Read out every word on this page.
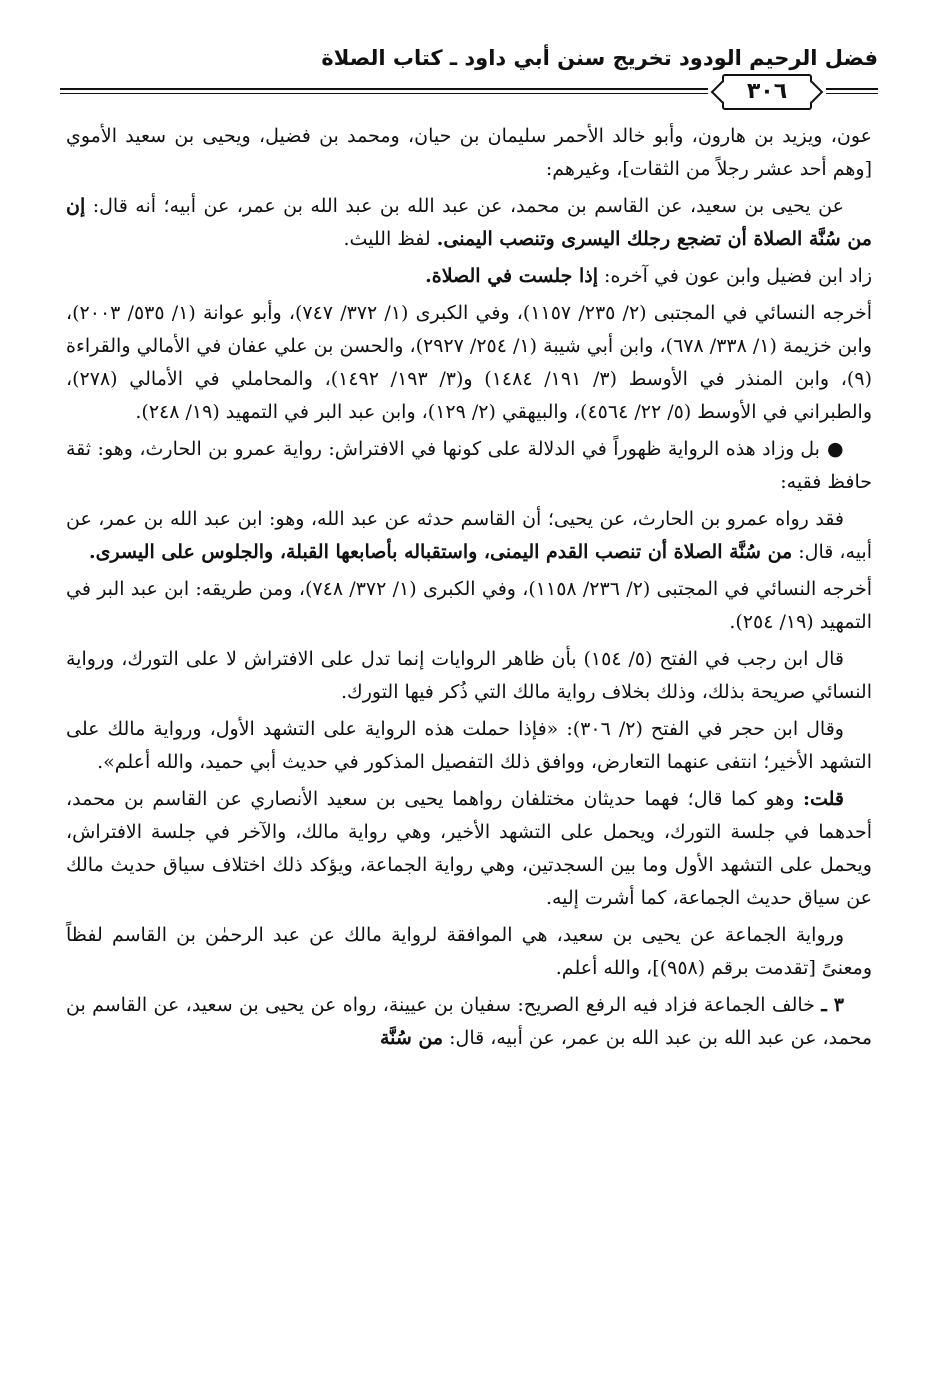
فضل الرحيم الودود تخريج سنن أبي داود ـ كتاب الصلاة
٣٠٦

عون، ويزيد بن هارون، وأبو خالد الأحمر سليمان بن حيان، ومحمد بن فضيل، ويحيى بن سعيد الأموي [وهم أحد عشر رجلاً من الثقات]، وغيرهم:

عن يحيى بن سعيد، عن القاسم بن محمد، عن عبد الله بن عبد الله بن عمر، عن أبيه؛ أنه قال: إن من سُنَّة الصلاة أن تضجع رجلك اليسرى وتنصب اليمنى. لفظ الليث.

زاد ابن فضيل وابن عون في آخره: إذا جلست في الصلاة.

أخرجه النسائي في المجتبى (٢/ ٢٣٥/ ١١٥٧)، وفي الكبرى (١/ ٣٧٢/ ٧٤٧)، وأبو عوانة (١/ ٥٣٥/ ٢٠٠٣)، وابن خزيمة (١/ ٣٣٨/ ٦٧٨)، وابن أبي شيبة (١/ ٢٥٤/ ٢٩٢٧)، والحسن بن علي عفان في الأمالي والقراءة (٩)، وابن المنذر في الأوسط (٣/ ١٩١/ ١٤٨٤) و(٣/ ١٩٣/ ١٤٩٢)، والمحاملي في الأمالي (٢٧٨)، والطبراني في الأوسط (٥/ ٢٢/ ٤٥٦٤)، والبيهقي (٢/ ١٢٩)، وابن عبد البر في التمهيد (١٩/ ٢٤٨).

● بل وزاد هذه الرواية ظهوراً في الدلالة على كونها في الافتراش: رواية عمرو بن الحارث، وهو: ثقة حافظ فقيه:

فقد رواه عمرو بن الحارث، عن يحيى؛ أن القاسم حدثه عن عبد الله، وهو: ابن عبد الله بن عمر، عن أبيه، قال: من سُنَّة الصلاة أن تنصب القدم اليمنى، واستقباله بأصابعها القبلة، والجلوس على اليسرى.

أخرجه النسائي في المجتبى (٢/ ٢٣٦/ ١١٥٨)، وفي الكبرى (١/ ٣٧٢/ ٧٤٨)، ومن طريقه: ابن عبد البر في التمهيد (١٩/ ٢٥٤).

قال ابن رجب في الفتح (٥/ ١٥٤) بأن ظاهر الروايات إنما تدل على الافتراش لا على التورك، ورواية النسائي صريحة بذلك، وذلك بخلاف رواية مالك التي ذُكر فيها التورك.

وقال ابن حجر في الفتح (٢/ ٣٠٦): «فإذا حملت هذه الرواية على التشهد الأول، ورواية مالك على التشهد الأخير؛ انتفى عنهما التعارض، ووافق ذلك التفصيل المذكور في حديث أبي حميد، والله أعلم».

قلت: وهو كما قال؛ فهما حديثان مختلفان رواهما يحيى بن سعيد الأنصاري عن القاسم بن محمد، أحدهما في جلسة التورك، ويحمل على التشهد الأخير، وهي رواية مالك، والآخر في جلسة الافتراش، ويحمل على التشهد الأول وما بين السجدتين، وهي رواية الجماعة، ويؤكد ذلك اختلاف سياق حديث مالك عن سياق حديث الجماعة، كما أشرت إليه.

ورواية الجماعة عن يحيى بن سعيد، هي الموافقة لرواية مالك عن عبد الرحمٰن بن القاسم لفظاً ومعنىً [تقدمت برقم (٩٥٨)]، والله أعلم.

٣ ـ خالف الجماعة فزاد فيه الرفع الصريح: سفيان بن عيينة، رواه عن يحيى بن سعيد، عن القاسم بن محمد، عن عبد الله بن عبد الله بن عمر، عن أبيه، قال: من سُنَّة
